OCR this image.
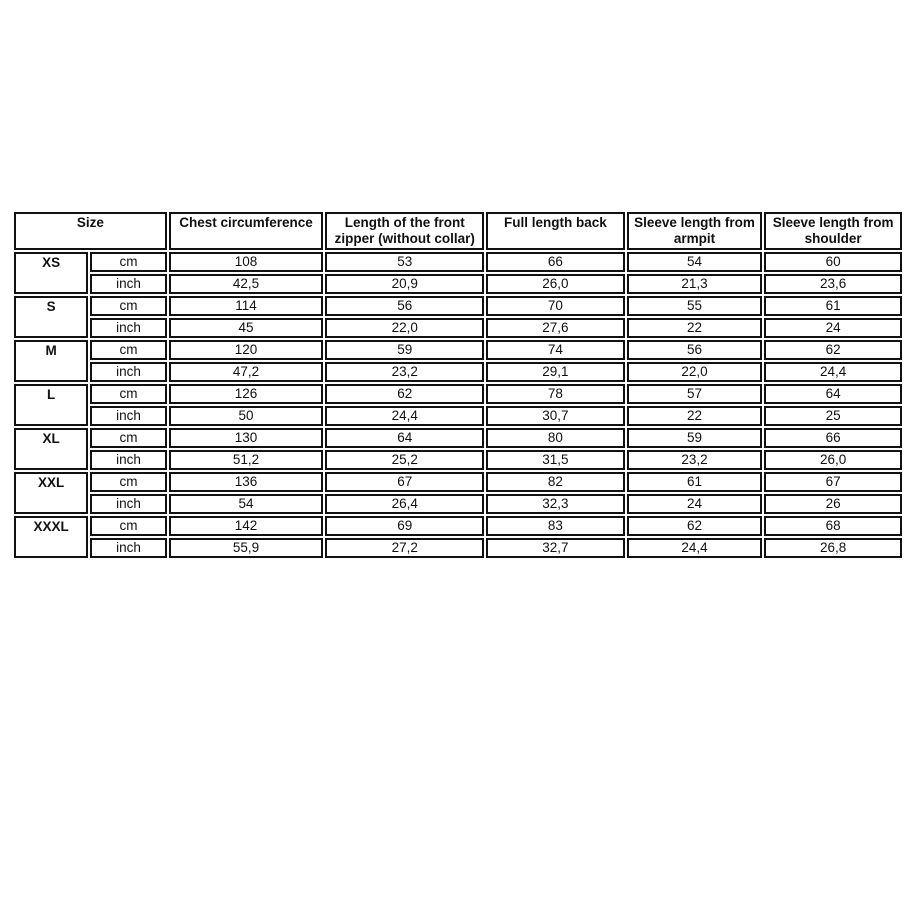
Size		Chest circumference	Length of the front zipper (without collar)	Full length back	Sleeve length from armpit	Sleeve length from shoulder
XS	cm	108	53	66	54	60
	inch	42,5	20,9	26,0	21,3	23,6
S	cm	114	56	70	55	61
	inch	45	22,0	27,6	22	24
M	cm	120	59	74	56	62
	inch	47,2	23,2	29,1	22,0	24,4
L	cm	126	62	78	57	64
	inch	50	24,4	30,7	22	25
XL	cm	130	64	80	59	66
	inch	51,2	25,2	31,5	23,2	26,0
XXL	cm	136	67	82	61	67
	inch	54	26,4	32,3	24	26
XXXL	cm	142	69	83	62	68
	inch	55,9	27,2	32,7	24,4	26,8
